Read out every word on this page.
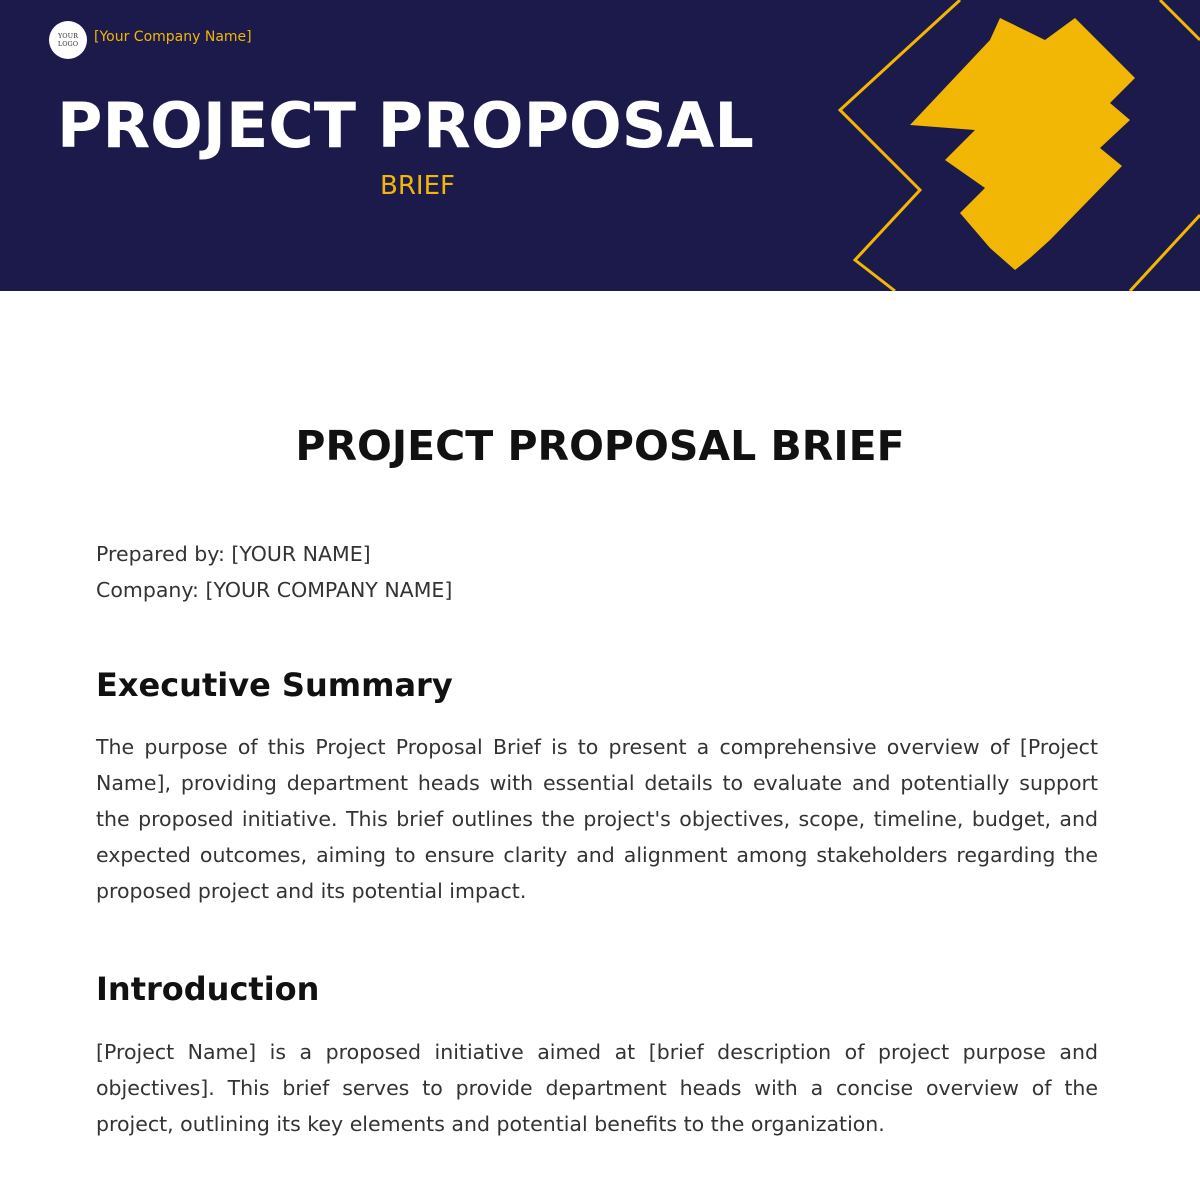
YOUR
LOGO [Your Company Name]
PROJECT PROPOSAL
BRIEF
PROJECT PROPOSAL BRIEF
Prepared by: [YOUR NAME]
Company: [YOUR COMPANY NAME]
Executive Summary
The purpose of this Project Proposal Brief is to present a comprehensive overview of [Project Name], providing department heads with essential details to evaluate and potentially support the proposed initiative. This brief outlines the project's objectives, scope, timeline, budget, and expected outcomes, aiming to ensure clarity and alignment among stakeholders regarding the proposed project and its potential impact.
Introduction
[Project Name] is a proposed initiative aimed at [brief description of project purpose and objectives]. This brief serves to provide department heads with a concise overview of the project, outlining its key elements and potential benefits to the organization.
